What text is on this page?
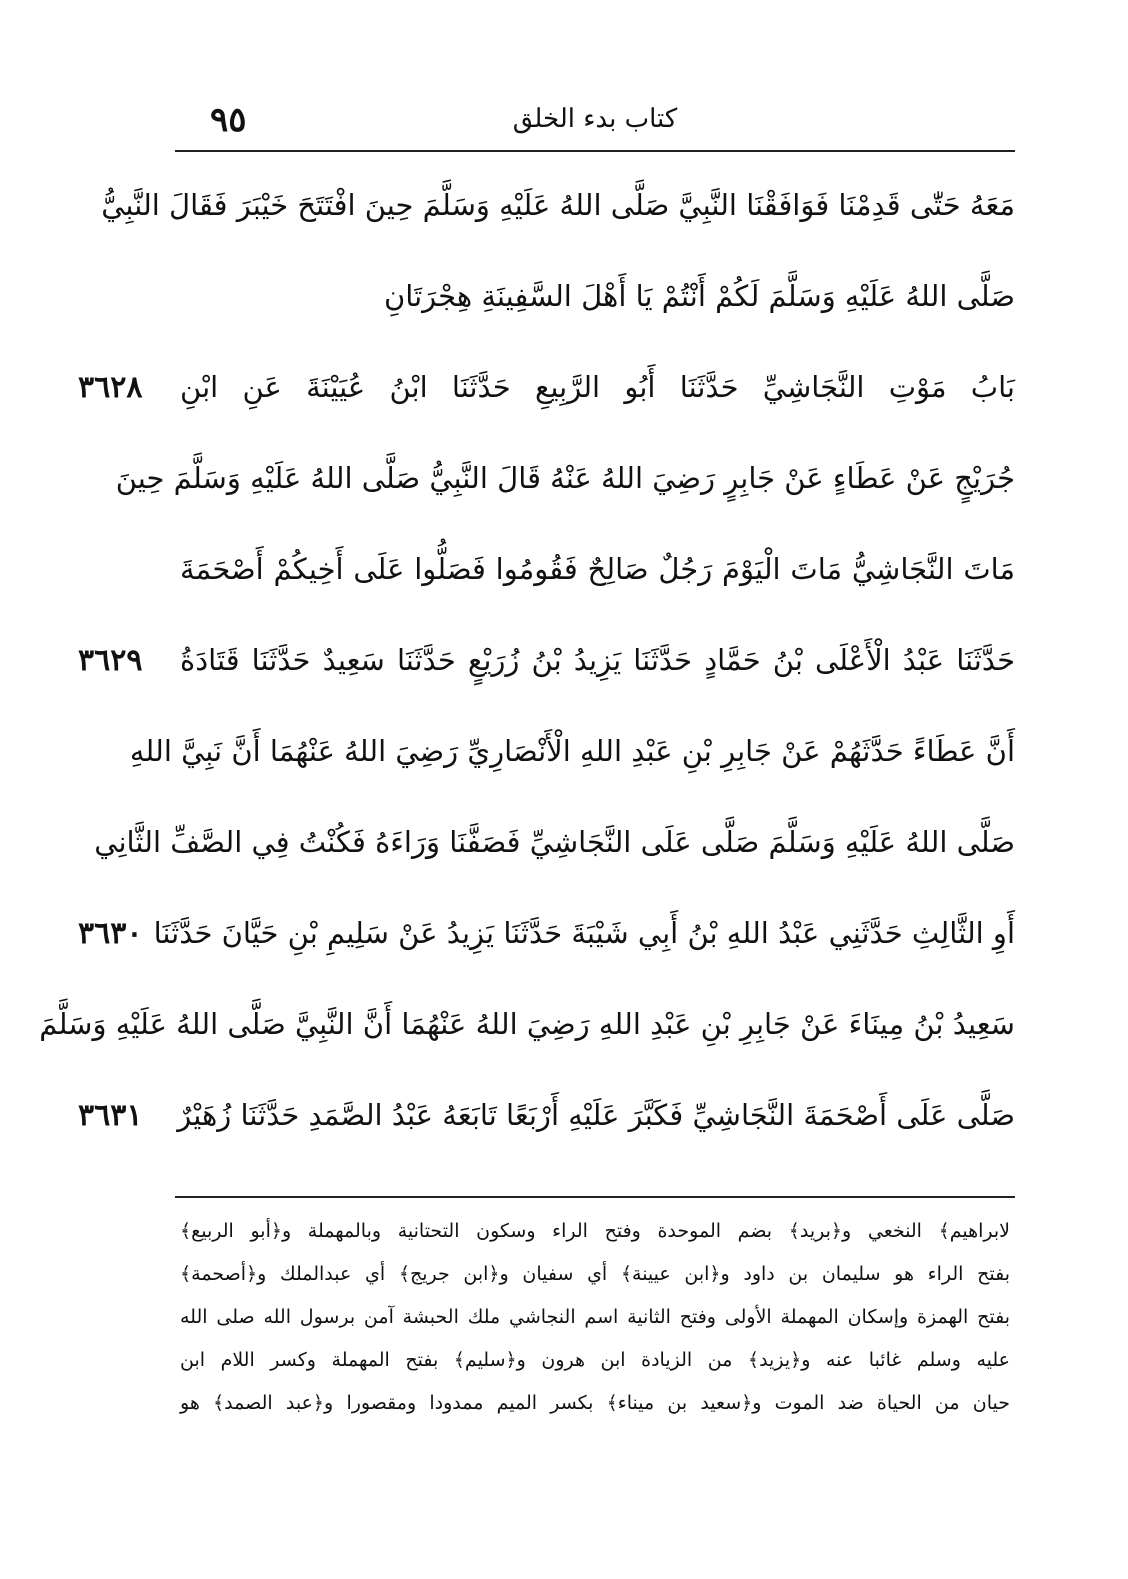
٩٥	كتاب بدء الخلق
مَعَهُ حَتّٰى قَدِمْنَا فَوَافَقْنَا النَّبِيَّ صَلَّى اللهُ عَلَيْهِ وَسَلَّمَ حِينَ افْتَتَحَ خَيْبَرَ فَقَالَ النَّبِيُّ
صَلَّى اللهُ عَلَيْهِ وَسَلَّمَ لَكُمْ أَنْتُمْ يَا أَهْلَ السَّفِينَةِ هِجْرَتَانِ
بَابُ مَوْتِ النَّجَاشِيِّ حَدَّثَنَا أَبُو الرَّبِيعِ حَدَّثَنَا ابْنُ عُيَيْنَةَ عَنِ ابْنِ
جُرَيْجٍ عَنْ عَطَاءٍ عَنْ جَابِرٍ رَضِيَ اللهُ عَنْهُ قَالَ النَّبِيُّ صَلَّى اللهُ عَلَيْهِ وَسَلَّمَ حِينَ
مَاتَ النَّجَاشِيُّ مَاتَ الْيَوْمَ رَجُلٌ صَالِحٌ فَقُومُوا فَصَلُّوا عَلَى أَخِيكُمْ أَصْحَمَةَ
حَدَّثَنَا عَبْدُ الْأَعْلَى بْنُ حَمَّادٍ حَدَّثَنَا يَزِيدُ بْنُ زُرَيْعٍ حَدَّثَنَا سَعِيدٌ حَدَّثَنَا قَتَادَةُ
أَنَّ عَطَاءً حَدَّثَهُمْ عَنْ جَابِرِ بْنِ عَبْدِ اللهِ الْأَنْصَارِيِّ رَضِيَ اللهُ عَنْهُمَا أَنَّ نَبِيَّ اللهِ
صَلَّى اللهُ عَلَيْهِ وَسَلَّمَ صَلَّى عَلَى النَّجَاشِيِّ فَصَفَّنَا وَرَاءَهُ فَكُنْتُ فِي الصَّفِّ الثَّانِي
أَوِ الثَّالِثِ حَدَّثَنِي عَبْدُ اللهِ بْنُ أَبِي شَيْبَةَ حَدَّثَنَا يَزِيدُ عَنْ سَلِيمِ بْنِ حَيَّانَ حَدَّثَنَا
سَعِيدُ بْنُ مِينَاءَ عَنْ جَابِرِ بْنِ عَبْدِ اللهِ رَضِيَ اللهُ عَنْهُمَا أَنَّ النَّبِيَّ صَلَّى اللهُ عَلَيْهِ وَسَلَّمَ
صَلَّى عَلَى أَصْحَمَةَ النَّجَاشِيِّ فَكَبَّرَ عَلَيْهِ أَرْبَعًا تَابَعَهُ عَبْدُ الصَّمَدِ حَدَّثَنَا زُهَيْرٌ
٣٦٢٨
٣٦٢٩
٣٦٣٠
٣٦٣١
لابراهيم﴾ النخعي و﴿بريد﴾ بضم الموحدة وفتح الراء وسكون التحتانية وبالمهملة و﴿أبو الربيع﴾
بفتح الراء هو سليمان بن داود و﴿ابن عيينة﴾ أي سفيان و﴿ابن جريج﴾ أي عبدالملك و﴿أصحمة﴾
بفتح الهمزة وإسكان المهملة الأولى وفتح الثانية اسم النجاشي ملك الحبشة آمن برسول الله صلى الله
عليه وسلم غائبا عنه و﴿يزيد﴾ من الزيادة ابن هرون و﴿سليم﴾ بفتح المهملة وكسر اللام ابن
حيان من الحياة ضد الموت و﴿سعيد بن ميناء﴾ بكسر الميم ممدودا ومقصورا و﴿عبد الصمد﴾ هو
